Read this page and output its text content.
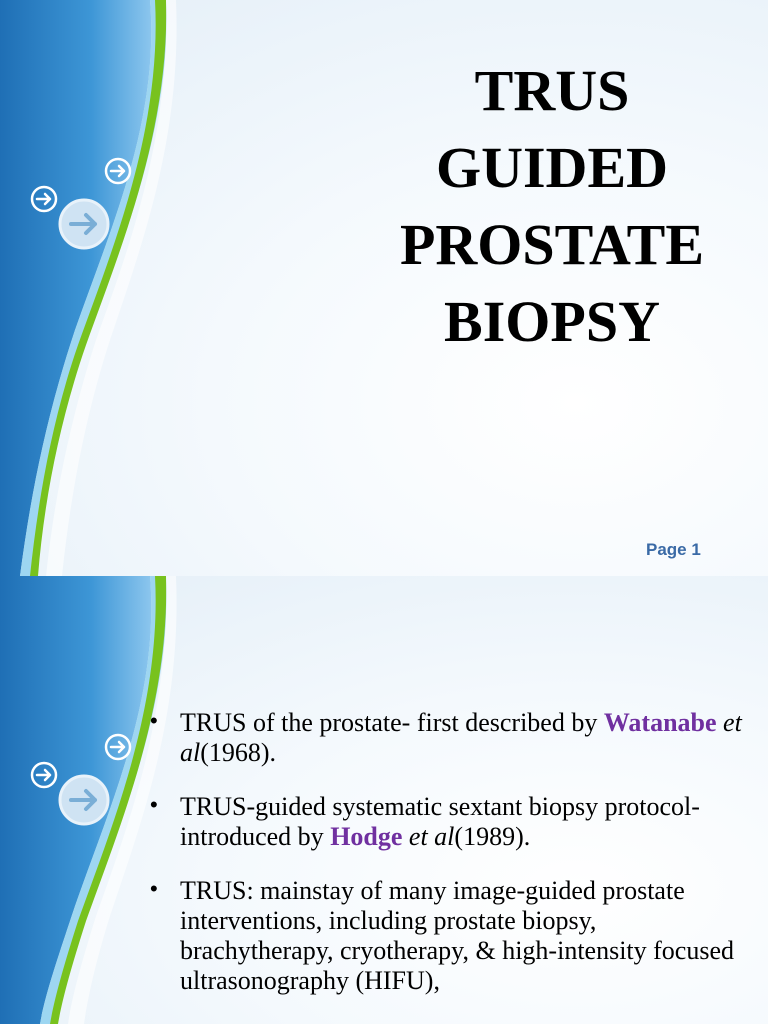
TRUS
GUIDED
PROSTATE
BIOPSY
Page 1
• TRUS of the prostate- first described by Watanabe et al(1968).
• TRUS-guided systematic sextant biopsy protocol- introduced by Hodge et al(1989).
• TRUS: mainstay of many image-guided prostate interventions, including prostate biopsy, brachytherapy, cryotherapy, & high-intensity focused ultrasonography (HIFU),
